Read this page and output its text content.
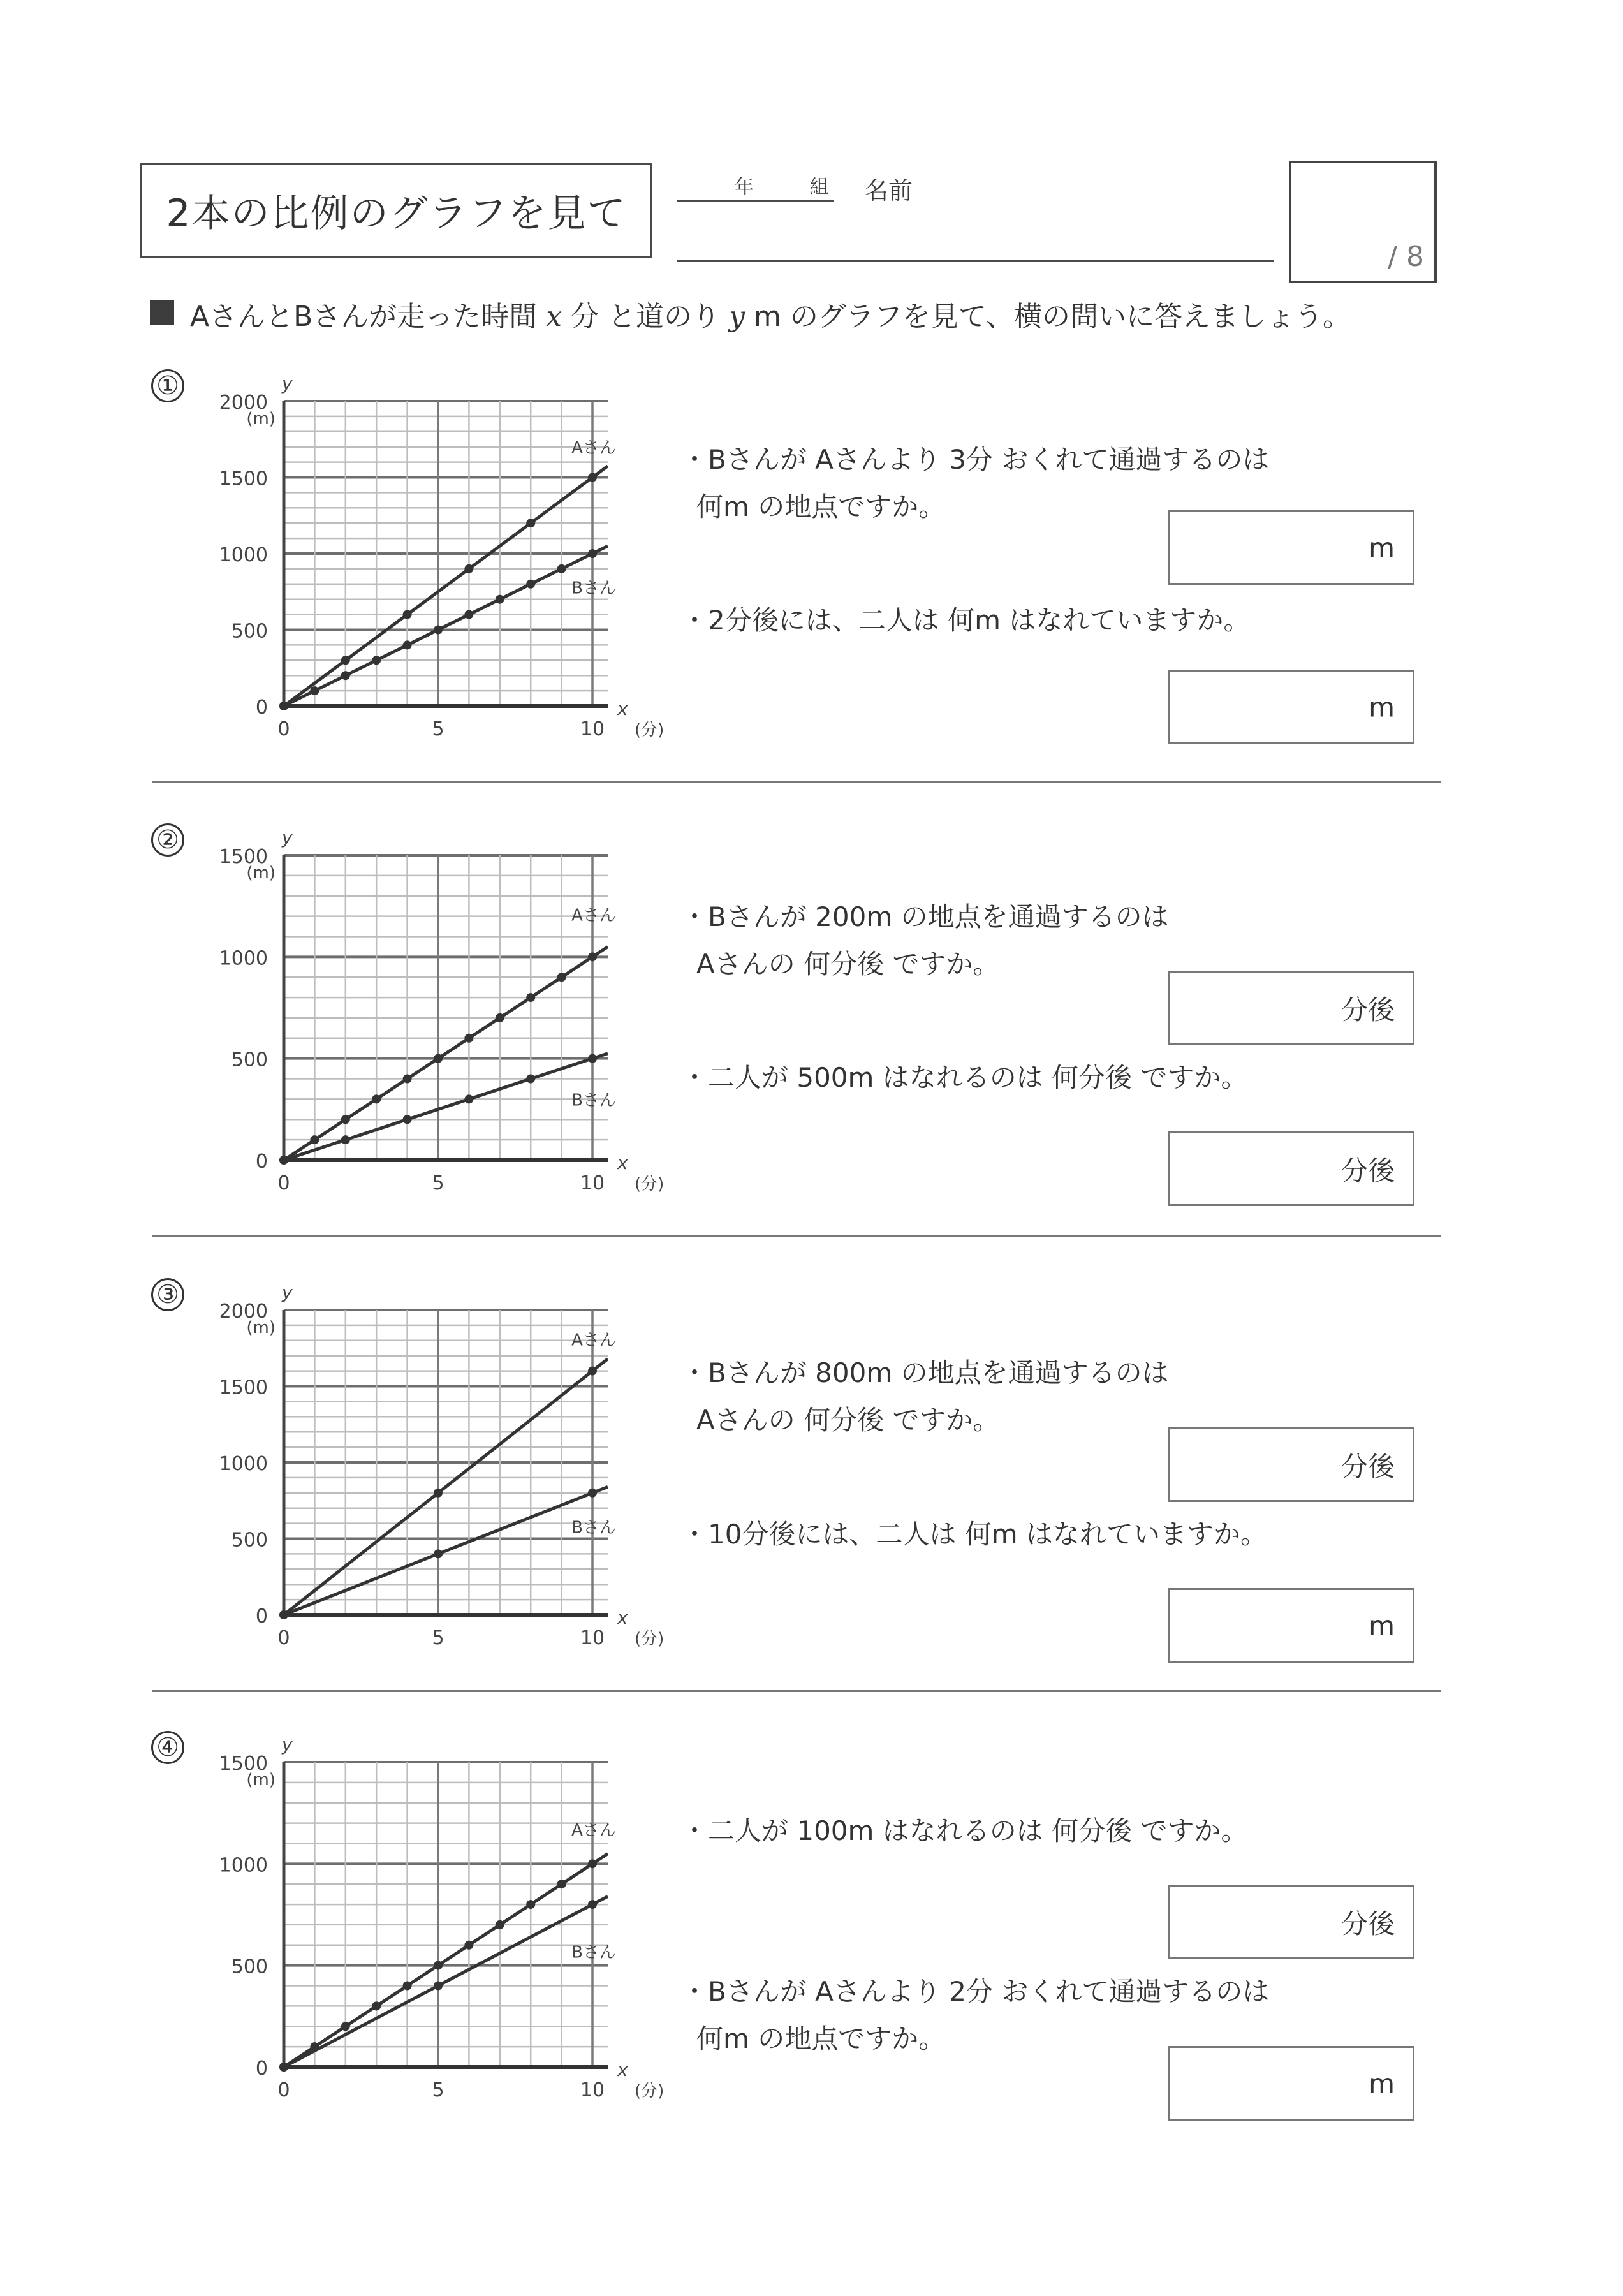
2本の比例のグラフを見て
年	組 名前
/ 8
AさんとBさんが走った時間 x 分 と道のり y m のグラフを見て、横の問いに答えましょう。
①
0
500
1000
1500
2000
(m)
y
0	5	10
x
(分)
Aさん
Bさん
・Bさんが Aさんより 3分 おくれて通過するのは
何m の地点ですか。
m
・2分後には、二人は 何m はなれていますか。
m
②
0
500
1000
1500
(m)
y
0	5	10
x
(分)
Aさん
Bさん
・Bさんが 200m の地点を通過するのは
Aさんの 何分後 ですか。
分後
・二人が 500m はなれるのは 何分後 ですか。
分後
③
0
500
1000
1500
2000
(m)
y
0	5	10
x
(分)
Aさん
Bさん
・Bさんが 800m の地点を通過するのは
Aさんの 何分後 ですか。
分後
・10分後には、二人は 何m はなれていますか。
m
④
0
500
1000
1500
(m)
y
0	5	10
x
(分)
Aさん
Bさん
・二人が 100m はなれるのは 何分後 ですか。
分後
・Bさんが Aさんより 2分 おくれて通過するのは
何m の地点ですか。
m
